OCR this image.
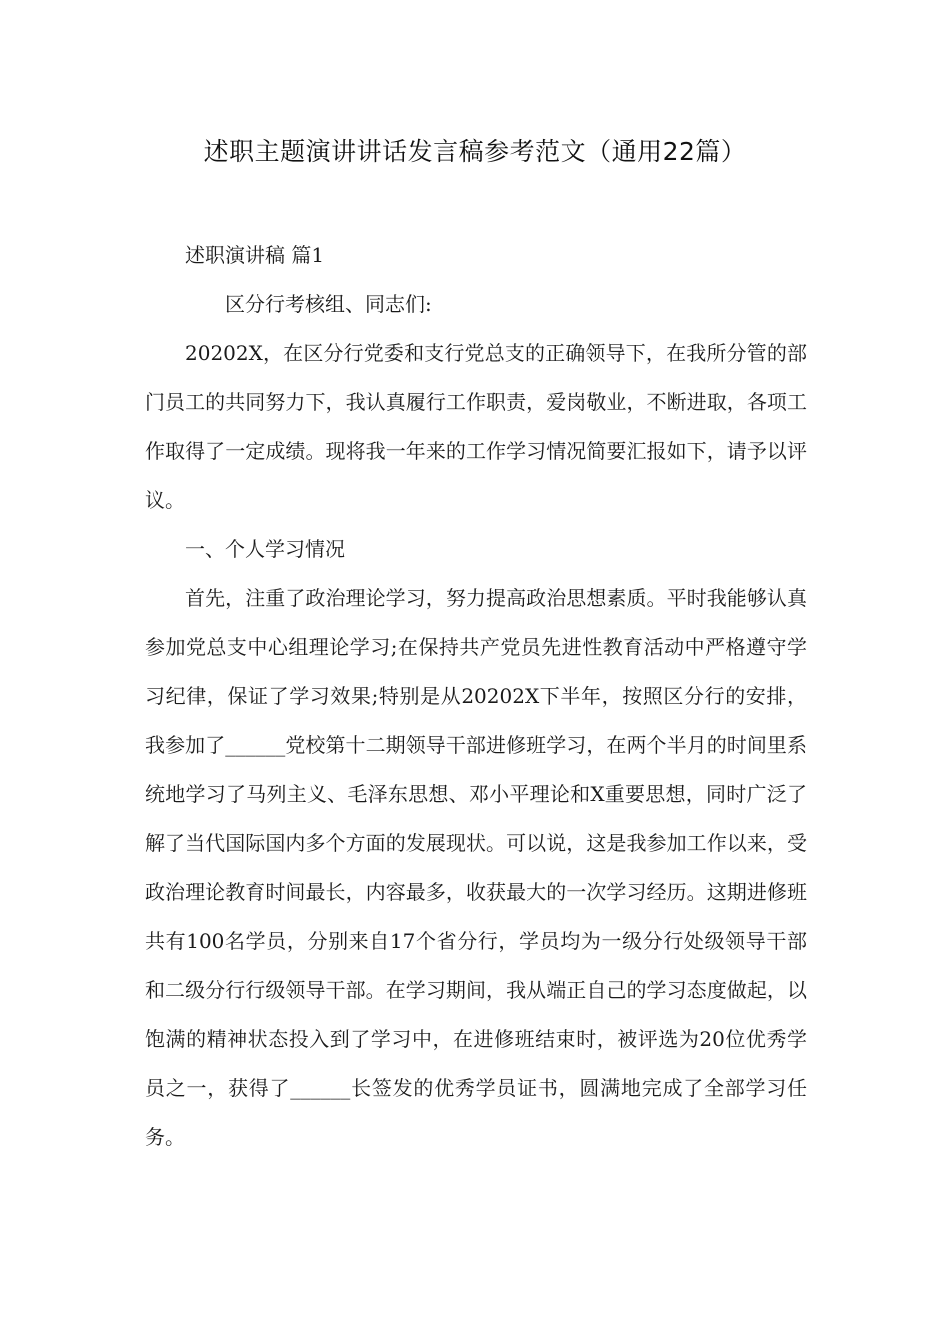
述职主题演讲讲话发言稿参考范文（通用22篇）

述职演讲稿 篇1

区分行考核组、同志们:

20202X，在区分行党委和支行党总支的正确领导下，在我所分管的部门员工的共同努力下，我认真履行工作职责，爱岗敬业，不断进取，各项工作取得了一定成绩。现将我一年来的工作学习情况简要汇报如下，请予以评议。

一、个人学习情况

首先，注重了政治理论学习，努力提高政治思想素质。平时我能够认真参加党总支中心组理论学习;在保持共产党员先进性教育活动中严格遵守学习纪律，保证了学习效果;特别是从20202X下半年，按照区分行的安排，我参加了______党校第十二期领导干部进修班学习，在两个半月的时间里系统地学习了马列主义、毛泽东思想、邓小平理论和X重要思想，同时广泛了解了当代国际国内多个方面的发展现状。可以说，这是我参加工作以来，受政治理论教育时间最长，内容最多，收获最大的一次学习经历。这期进修班共有100名学员，分别来自17个省分行，学员均为一级分行处级领导干部和二级分行行级领导干部。在学习期间，我从端正自己的学习态度做起，以饱满的精神状态投入到了学习中，在进修班结束时，被评选为20位优秀学员之一，获得了______长签发的优秀学员证书，圆满地完成了全部学习任务。
